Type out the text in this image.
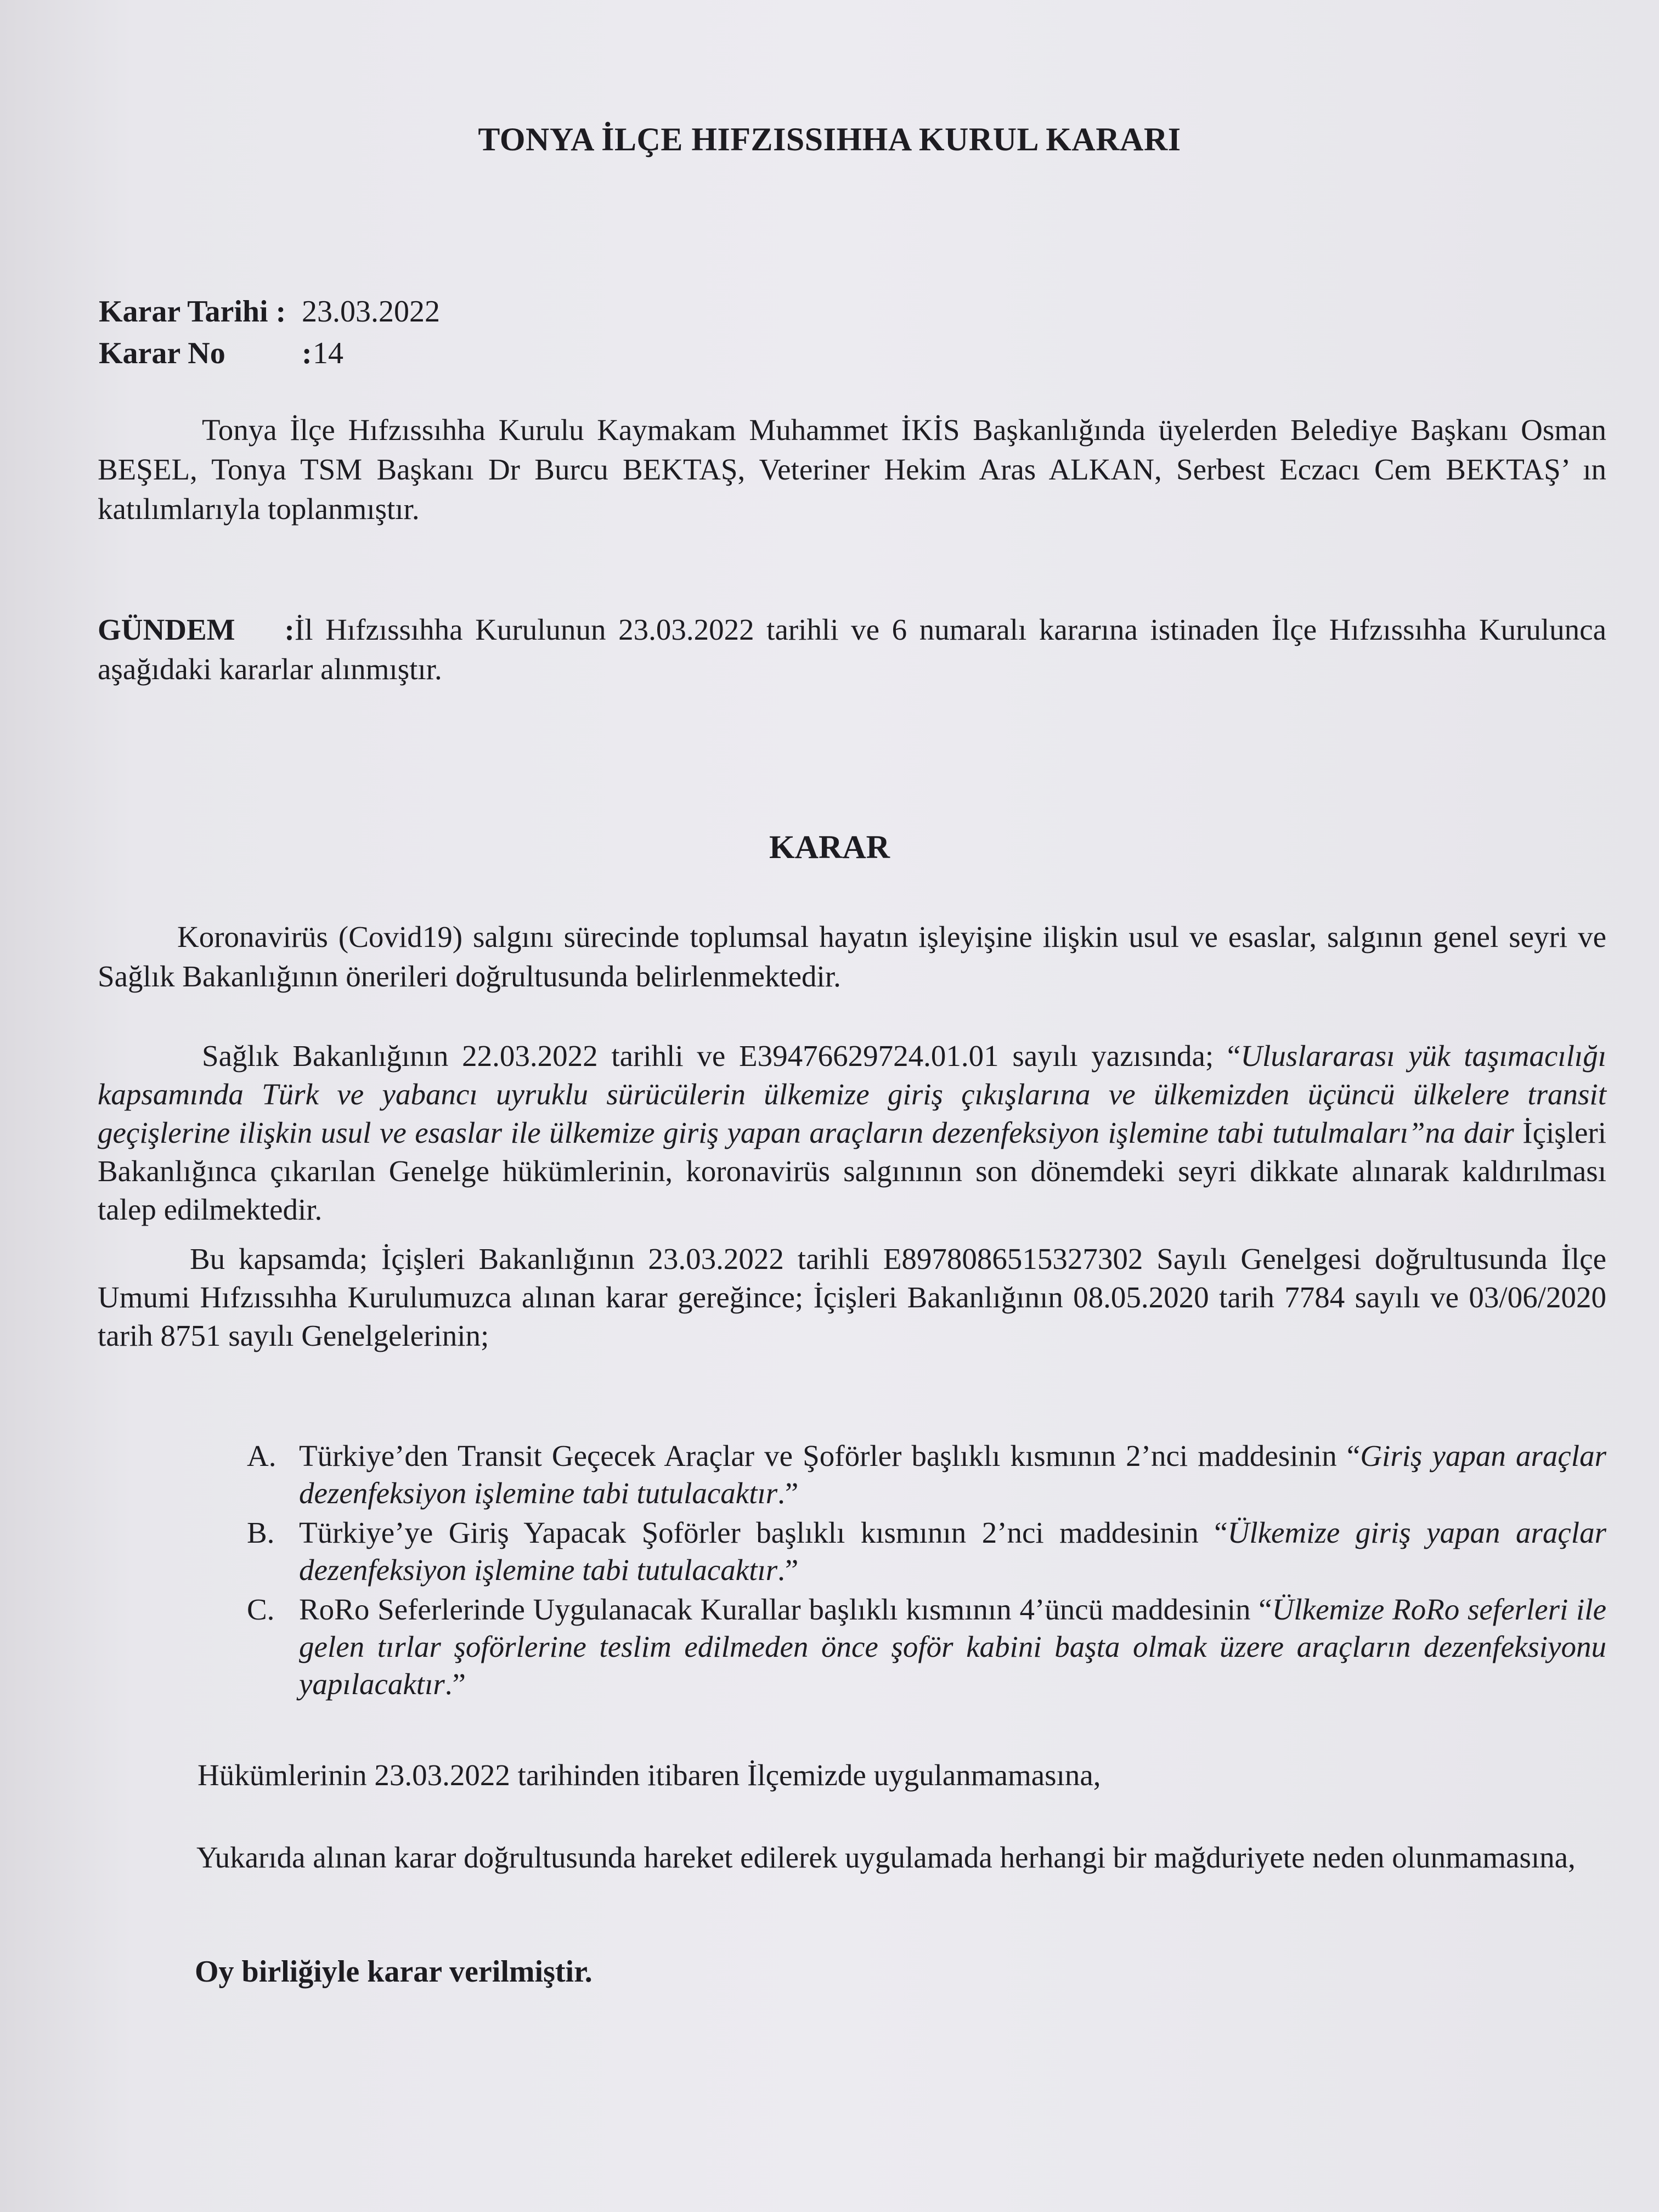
TONYA İLÇE HIFZISSIHHA KURUL KARARI
Karar Tarihi : 23.03.2022
Karar No : 14
Tonya İlçe Hıfzıssıhha Kurulu Kaymakam Muhammet İKİS Başkanlığında üyelerden Belediye Başkanı Osman BEŞEL, Tonya TSM Başkanı Dr Burcu BEKTAŞ, Veteriner Hekim Aras ALKAN, Serbest Eczacı Cem BEKTAŞ’ ın katılımlarıyla toplanmıştır.
GÜNDEM :İl Hıfzıssıhha Kurulunun 23.03.2022 tarihli ve 6 numaralı kararına istinaden İlçe Hıfzıssıhha Kurulunca aşağıdaki kararlar alınmıştır.
KARAR
Koronavirüs (Covid19) salgını sürecinde toplumsal hayatın işleyişine ilişkin usul ve esaslar, salgının genel seyri ve Sağlık Bakanlığının önerileri doğrultusunda belirlenmektedir.
Sağlık Bakanlığının 22.03.2022 tarihli ve E39476629724.01.01 sayılı yazısında; “Uluslararası yük taşımacılığı kapsamında Türk ve yabancı uyruklu sürücülerin ülkemize giriş çıkışlarına ve ülkemizden üçüncü ülkelere transit geçişlerine ilişkin usul ve esaslar ile ülkemize giriş yapan araçların dezenfeksiyon işlemine tabi tutulmaları”na dair İçişleri Bakanlığınca çıkarılan Genelge hükümlerinin, koronavirüs salgınının son dönemdeki seyri dikkate alınarak kaldırılması talep edilmektedir.
Bu kapsamda; İçişleri Bakanlığının 23.03.2022 tarihli E8978086515327302 Sayılı Genelgesi doğrultusunda İlçe Umumi Hıfzıssıhha Kurulumuzca alınan karar gereğince; İçişleri Bakanlığının 08.05.2020 tarih 7784 sayılı ve 03/06/2020 tarih 8751 sayılı Genelgelerinin;
A. Türkiye’den Transit Geçecek Araçlar ve Şoförler başlıklı kısmının 2’nci maddesinin “Giriş yapan araçlar dezenfeksiyon işlemine tabi tutulacaktır.”
B. Türkiye’ye Giriş Yapacak Şoförler başlıklı kısmının 2’nci maddesinin “Ülkemize giriş yapan araçlar dezenfeksiyon işlemine tabi tutulacaktır.”
C. RoRo Seferlerinde Uygulanacak Kurallar başlıklı kısmının 4’üncü maddesinin “Ülkemize RoRo seferleri ile gelen tırlar şoförlerine teslim edilmeden önce şoför kabini başta olmak üzere araçların dezenfeksiyonu yapılacaktır.”
Hükümlerinin 23.03.2022 tarihinden itibaren İlçemizde uygulanmamasına,
Yukarıda alınan karar doğrultusunda hareket edilerek uygulamada herhangi bir mağduriyete neden olunmamasına,
Oy birliğiyle karar verilmiştir.
